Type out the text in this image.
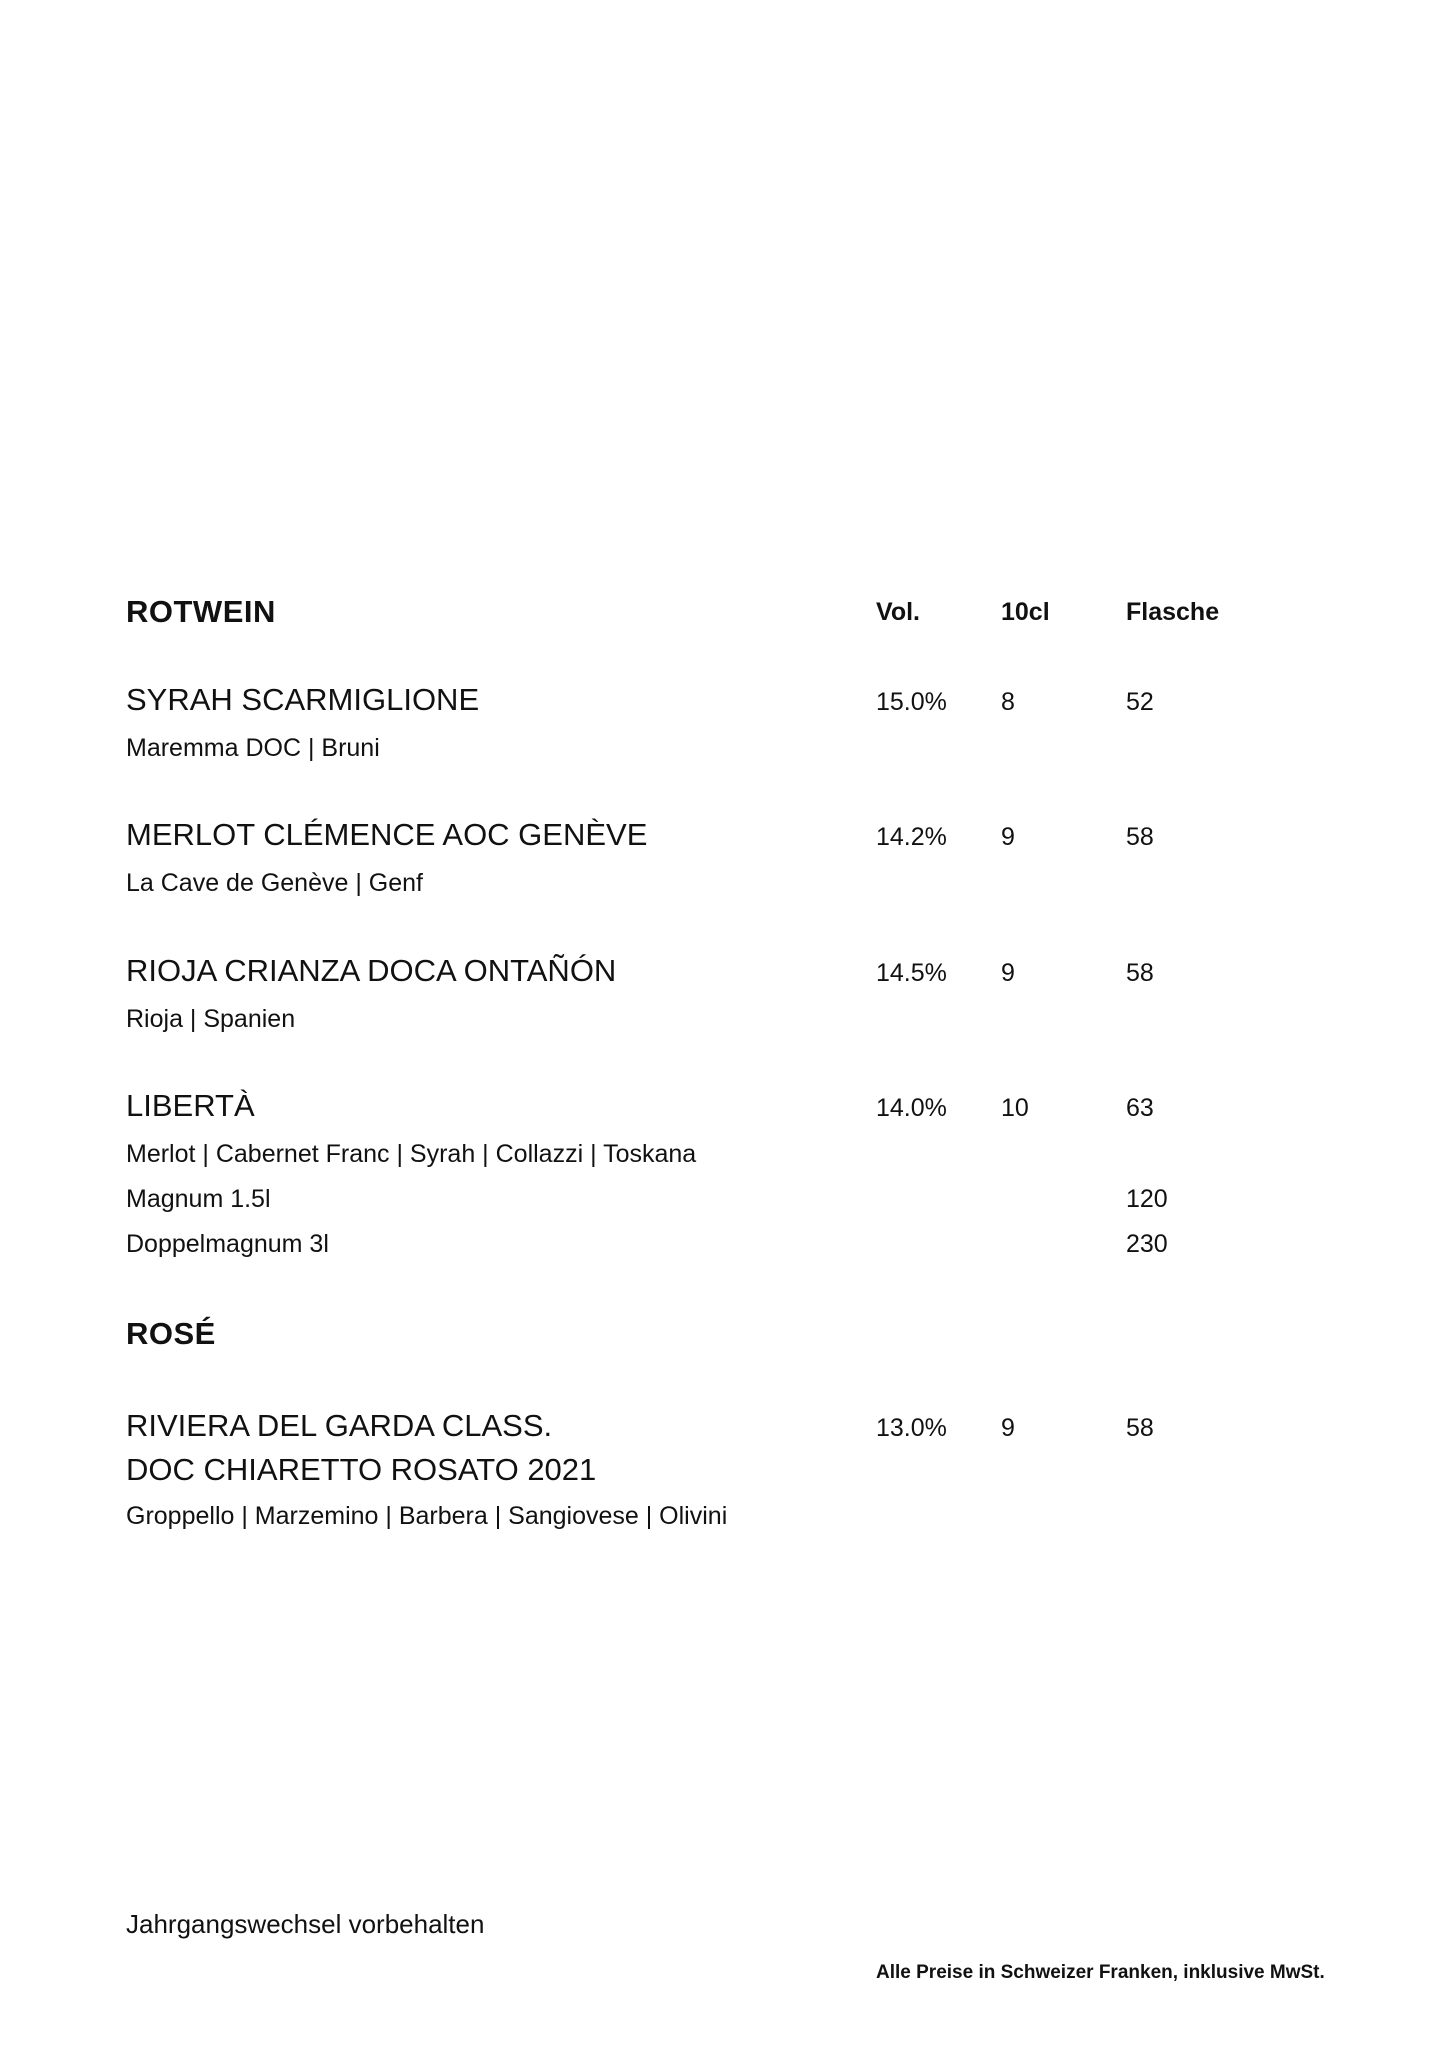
ROTWEIN	Vol.	10cl	Flasche
SYRAH SCARMIGLIONE	15.0% 8	52
Maremma DOC | Bruni
MERLOT CLÉMENCE AOC GENÈVE	14.2% 9	58
La Cave de Genève | Genf
RIOJA CRIANZA DOCA ONTAÑÓN	14.5% 9	58
Rioja | Spanien
LIBERTÀ	14.0% 10	63
Merlot | Cabernet Franc | Syrah | Collazzi | Toskana
Magnum 1.5l	120
Doppelmagnum 3l	230
ROSÉ
RIVIERA DEL GARDA CLASS.
DOC CHIARETTO ROSATO 2021
13.0% 9	58
Groppello | Marzemino | Barbera | Sangiovese | Olivini
Jahrgangswechsel vorbehalten
Alle Preise in Schweizer Franken, inklusive MwSt.
